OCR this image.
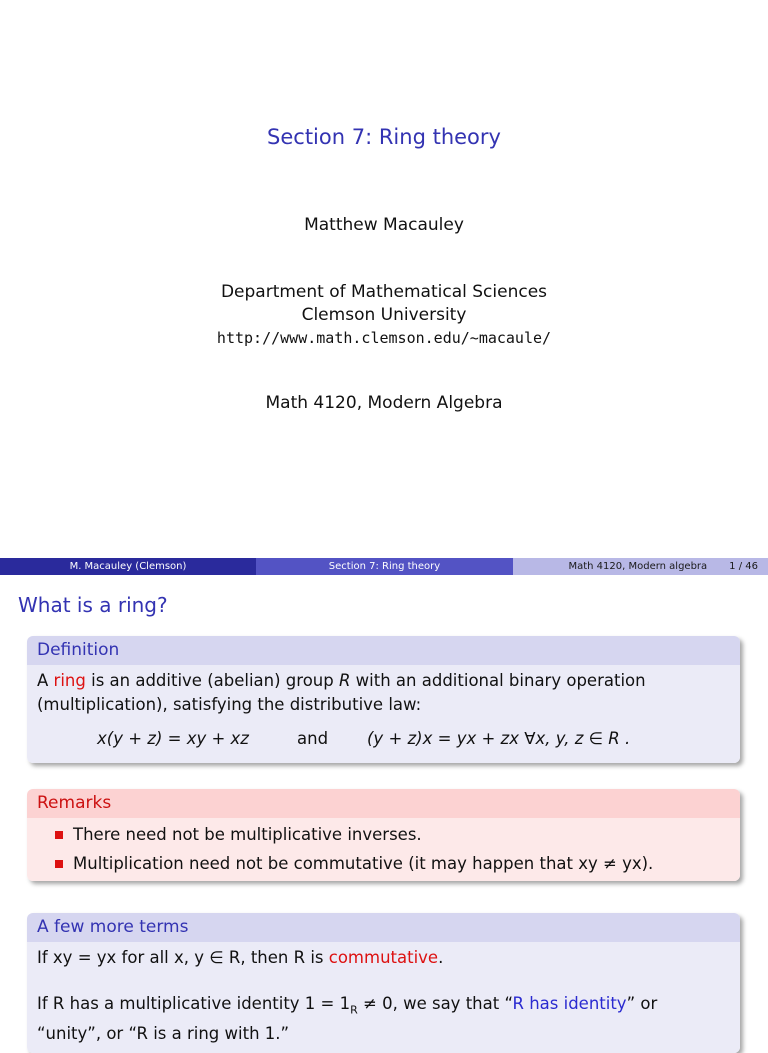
Section 7: Ring theory
Matthew Macauley
Department of Mathematical Sciences
Clemson University
http://www.math.clemson.edu/~macaule/
Math 4120, Modern Algebra
M. Macauley (Clemson)	Section 7: Ring theory	Math 4120, Modern algebra 1 / 46
What is a ring?
Definition
A ring is an additive (abelian) group R with an additional binary operation (multiplication), satisfying the distributive law:
x(y + z) = xy + xz	and	(y + z)x = yx + zx ∀x, y, z ∈ R .
Remarks
There need not be multiplicative inverses.
Multiplication need not be commutative (it may happen that xy ≠ yx).
A few more terms
If xy = yx for all x, y ∈ R, then R is commutative.
If R has a multiplicative identity $1 = 1_R \ne 0$, we say that “R has identity” or
“unity”, or “R is a ring with 1.”
